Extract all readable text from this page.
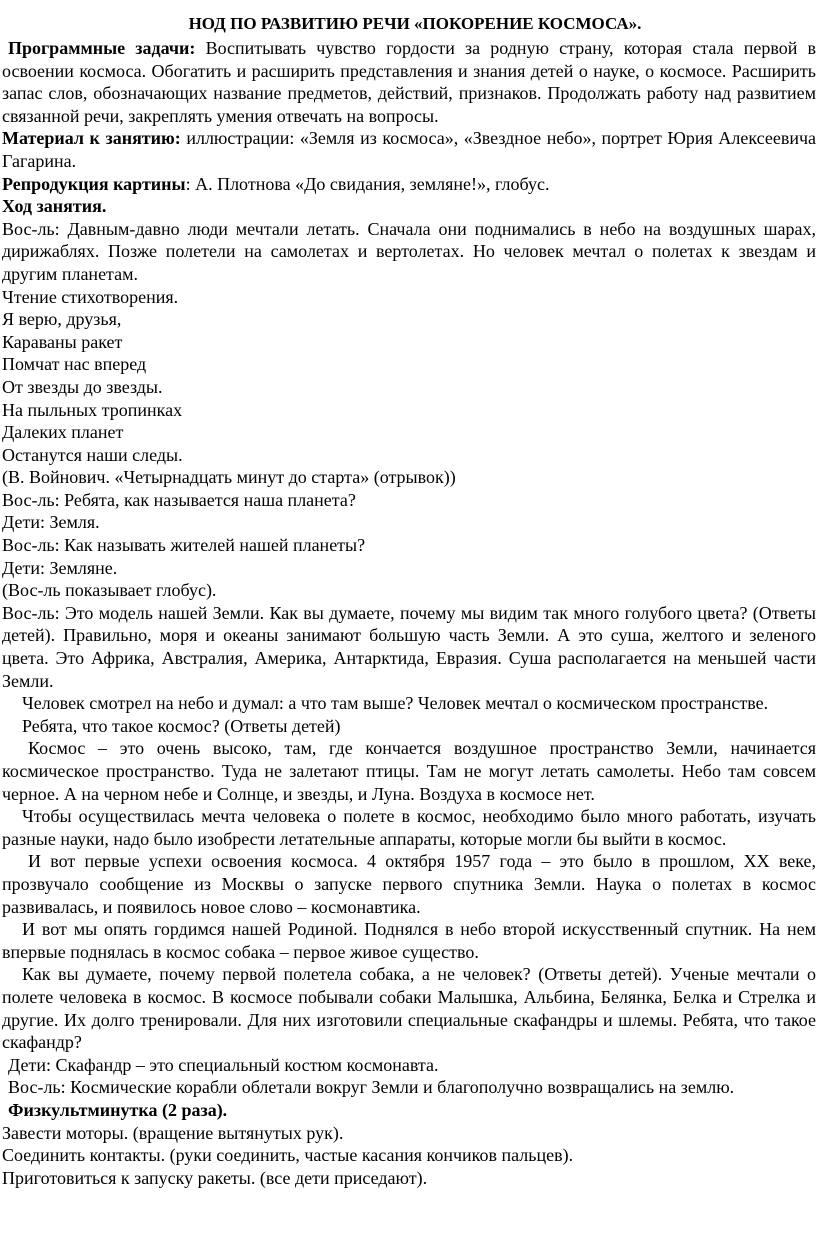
НОД ПО РАЗВИТИЮ РЕЧИ «ПОКОРЕНИЕ КОСМОСА».

Программные задачи: Воспитывать чувство гордости за родную страну, которая стала первой в освоении космоса. Обогатить и расширить представления и знания детей о науке, о космосе. Расширить запас слов, обозначающих название предметов, действий, признаков. Продолжать работу над развитием связанной речи, закреплять умения отвечать на вопросы.

Материал к занятию: иллюстрации: «Земля из космоса», «Звездное небо», портрет Юрия Алексеевича Гагарина.

Репродукция картины: А. Плотнова «До свидания, земляне!», глобус.

Ход занятия.

Вос-ль: Давным-давно люди мечтали летать. Сначала они поднимались в небо на воздушных шарах, дирижаблях. Позже полетели на самолетах и вертолетах. Но человек мечтал о полетах к звездам и другим планетам.

Чтение стихотворения.

Я верю, друзья,

Караваны ракет

Помчат нас вперед

От звезды до звезды.

На пыльных тропинках

Далеких планет

Останутся наши следы.

(В. Войнович. «Четырнадцать минут до старта» (отрывок))

Вос-ль: Ребята, как называется наша планета?

Дети: Земля.

Вос-ль: Как называть жителей нашей планеты?

Дети: Земляне.

(Вос-ль показывает глобус).

Вос-ль: Это модель нашей Земли. Как вы думаете, почему мы видим так много голубого цвета? (Ответы детей). Правильно, моря и океаны занимают большую часть Земли. А это суша, желтого и зеленого цвета. Это Африка, Австралия, Америка, Антарктида, Евразия. Суша располагается на меньшей части Земли.

Человек смотрел на небо и думал: а что там выше? Человек мечтал о космическом пространстве.

Ребята, что такое космос? (Ответы детей)

Космос – это очень высоко, там, где кончается воздушное пространство Земли, начинается космическое пространство. Туда не залетают птицы. Там не могут летать самолеты. Небо там совсем черное. А на черном небе и Солнце, и звезды, и Луна. Воздуха в космосе нет.

Чтобы осуществилась мечта человека о полете в космос, необходимо было много работать, изучать разные науки, надо было изобрести летательные аппараты, которые могли бы выйти в космос.

И вот первые успехи освоения космоса. 4 октября 1957 года – это было в прошлом, XX веке, прозвучало сообщение из Москвы о запуске первого спутника Земли. Наука о полетах в космос развивалась, и появилось новое слово – космонавтика.

И вот мы опять гордимся нашей Родиной. Поднялся в небо второй искусственный спутник. На нем впервые поднялась в космос собака – первое живое существо.

Как вы думаете, почему первой полетела собака, а не человек? (Ответы детей). Ученые мечтали о полете человека в космос. В космосе побывали собаки Малышка, Альбина, Белянка, Белка и Стрелка и другие. Их долго тренировали. Для них изготовили специальные скафандры и шлемы. Ребята, что такое скафандр?

Дети: Скафандр – это специальный костюм космонавта.

Вос-ль: Космические корабли облетали вокруг Земли и благополучно возвращались на землю.

Физкультминутка (2 раза).

Завести моторы. (вращение вытянутых рук).

Соединить контакты. (руки соединить, частые касания кончиков пальцев).

Приготовиться к запуску ракеты. (все дети приседают).
